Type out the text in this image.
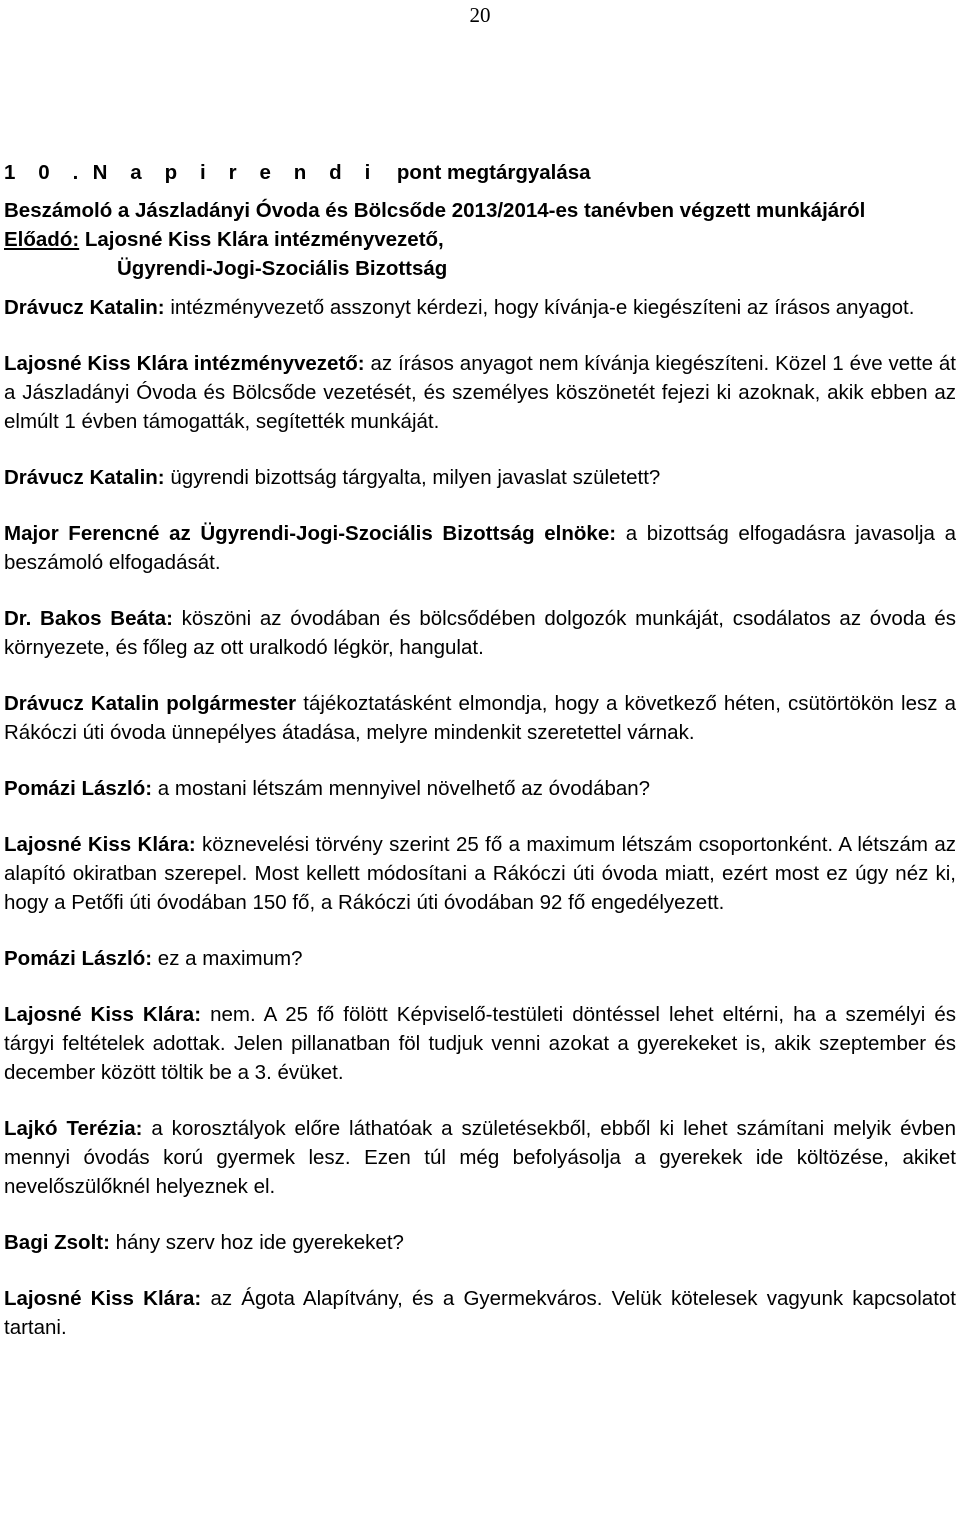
20

1 0 . N a p i r e n d i pont megtárgyalása

Beszámoló a Jászladányi Óvoda és Bölcsőde 2013/2014-es tanévben végzett munkájáról

Előadó: Lajosné Kiss Klára intézményvezető,
Ügyrendi-Jogi-Szociális Bizottság

Drávucz Katalin: intézményvezető asszonyt kérdezi, hogy kívánja-e kiegészíteni az írásos anyagot.

Lajosné Kiss Klára intézményvezető: az írásos anyagot nem kívánja kiegészíteni. Közel 1 éve vette át a Jászladányi Óvoda és Bölcsőde vezetését, és személyes köszönetét fejezi ki azoknak, akik ebben az elmúlt 1 évben támogatták, segítették munkáját.

Drávucz Katalin: ügyrendi bizottság tárgyalta, milyen javaslat született?

Major Ferencné az Ügyrendi-Jogi-Szociális Bizottság elnöke: a bizottság elfogadásra javasolja a beszámoló elfogadását.

Dr. Bakos Beáta: köszöni az óvodában és bölcsődében dolgozók munkáját, csodálatos az óvoda és környezete, és főleg az ott uralkodó légkör, hangulat.

Drávucz Katalin polgármester tájékoztatásként elmondja, hogy a következő héten, csütörtökön lesz a Rákóczi úti óvoda ünnepélyes átadása, melyre mindenkit szeretettel várnak.

Pomázi László: a mostani létszám mennyivel növelhető az óvodában?

Lajosné Kiss Klára: köznevelési törvény szerint 25 fő a maximum létszám csoportonként. A létszám az alapító okiratban szerepel. Most kellett módosítani a Rákóczi úti óvoda miatt, ezért most ez úgy néz ki, hogy a Petőfi úti óvodában 150 fő, a Rákóczi úti óvodában 92 fő engedélyezett.

Pomázi László: ez a maximum?

Lajosné Kiss Klára: nem. A 25 fő fölött Képviselő-testületi döntéssel lehet eltérni, ha a személyi és tárgyi feltételek adottak. Jelen pillanatban föl tudjuk venni azokat a gyerekeket is, akik szeptember és december között töltik be a 3. évüket.

Lajkó Terézia: a korosztályok előre láthatóak a születésekből, ebből ki lehet számítani melyik évben mennyi óvodás korú gyermek lesz. Ezen túl még befolyásolja a gyerekek ide költözése, akiket nevelőszülőknél helyeznek el.

Bagi Zsolt: hány szerv hoz ide gyerekeket?

Lajosné Kiss Klára: az Ágota Alapítvány, és a Gyermekváros. Velük kötelesek vagyunk kapcsolatot tartani.
